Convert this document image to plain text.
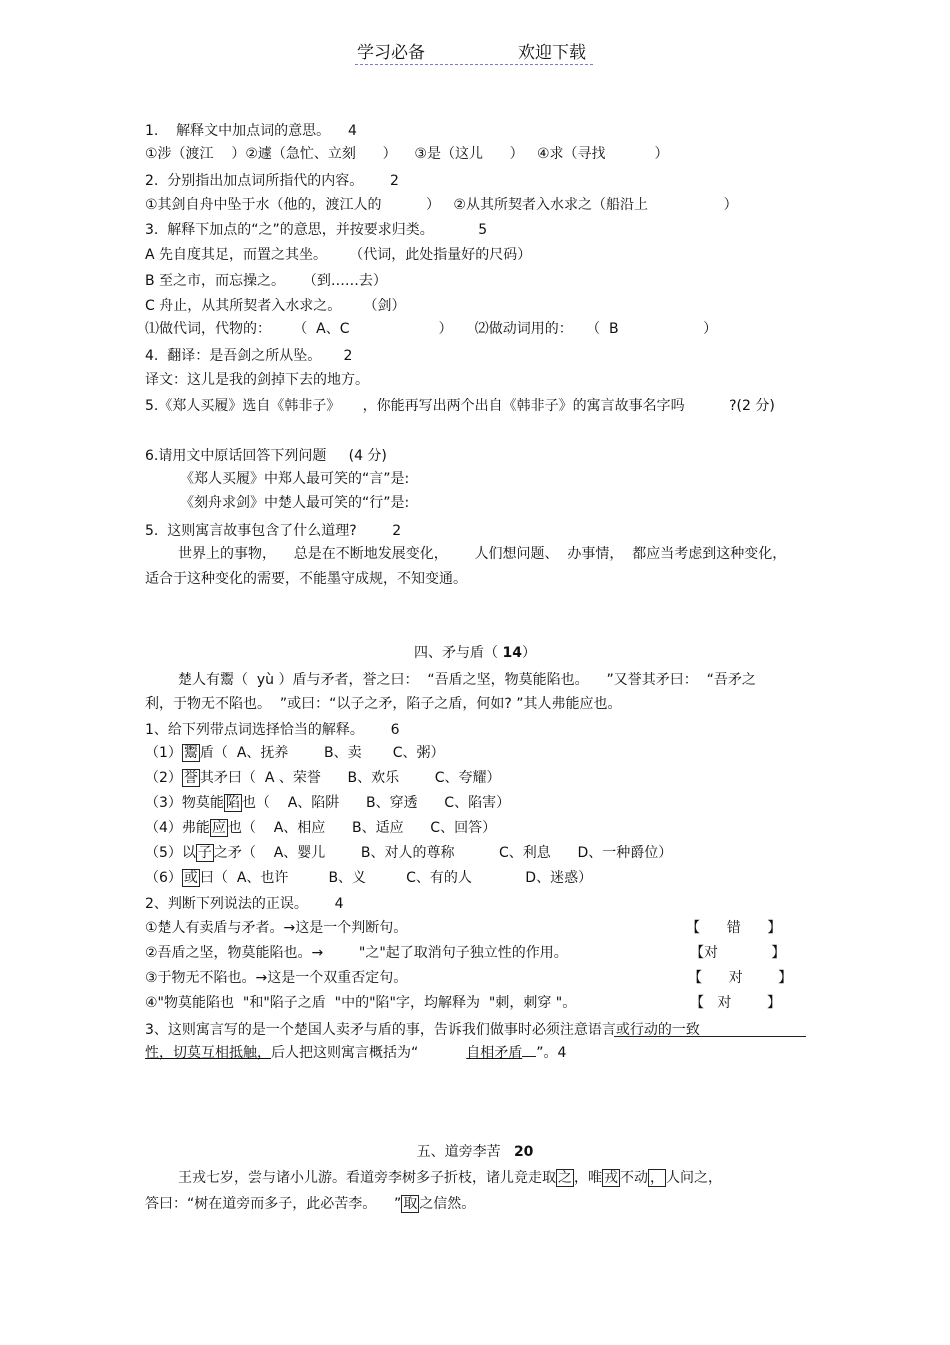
学习必备	欢迎下载
1.    解释文中加点词的意思。    4
①涉（渡江    ）②遽（急忙、立刻      ）    ③是（这儿      ）   ④求（寻找           ）
2.  分别指出加点词所指代的内容。      2
①其剑自舟中坠于水（他的，渡江人的          ）   ②从其所契者入水求之（船沿上                 ）
3.  解释下加点的“之”的意思，并按要求归类。          5
A 先自度其足，而置之其坐。     （代词，此处指量好的尺码）
B 至之市，而忘操之。    （到……去）
C 舟止，从其所契者入水求之。     （剑）
⑴做代词，代物的：     （  A、C                    ）     ⑵做动词用的：   （  B                   ）
4.  翻译：是吾剑之所从坠。     2
译文：这儿是我的剑掉下去的地方。
5.《郑人买履》选自《韩非子》     ，你能再写出两个出自《韩非子》的寓言故事名字吗          ?(2 分)
6.请用文中原话回答下列问题     (4 分)
《郑人买履》中郑人最可笑的“言”是:
《刻舟求剑》中楚人最可笑的“行”是:
5.  这则寓言故事包含了什么道理?        2
世界上的事物，    总是在不断地发展变化，      人们想问题、  办事情，  都应当考虑到这种变化，
适合于这种变化的需要，不能墨守成规，不知变通。
四、矛与盾（ 14）
楚人有鬻（  yù ）盾与矛者，誉之曰：  “吾盾之坚，物莫能陷也。    ”又誉其矛曰：  “吾矛之
利，于物无不陷也。  ”或曰：“以子之矛，陷子之盾，何如? ”其人弗能应也。
1、给下列带点词选择恰当的解释。      6
（1） 鬻 盾（  A、抚养        B、卖       C、粥）
（2） 誉 其矛曰（  A 、荣誉      B、欢乐        C、夸耀）
（3）物莫能 陷 也（    A、陷阱      B、穿透      C、陷害）
（4）弗能 应 也（    A、相应      B、适应      C、回答）
（5）以 子 之矛（    A、婴儿        B、对人的尊称          C、利息      D、一种爵位）
（6） 或 曰（  A、也许         B、义         C、有的人            D、迷惑）
2、判断下列说法的正误。      4
①楚人有卖盾与矛者。→这是一个判断句。	【      错      】
②吾盾之坚，物莫能陷也。→        "之"起了取消句子独立性的作用。	【对            】
③于物无不陷也。→这是一个双重否定句。	【      对        】
④"物莫能陷也  "和"陷子之盾  "中的"陷"字，均解释为  "刺，刺穿 "。	【   对        】
3、这则寓言写的是一个楚国人卖矛与盾的事，告诉我们做事时必须注意语言或行动的一致
性，切莫互相抵触，后人把这则寓言概括为“	自相矛盾 ”。4
五、道旁李苦 20
王戎七岁，尝与诸小儿游。看道旁李树多子折枝，诸儿竞走取 之 ，唯 戎 不动 ， 人问之，
答曰：“树在道旁而多子，此必苦李。    ” 取 之信然。
